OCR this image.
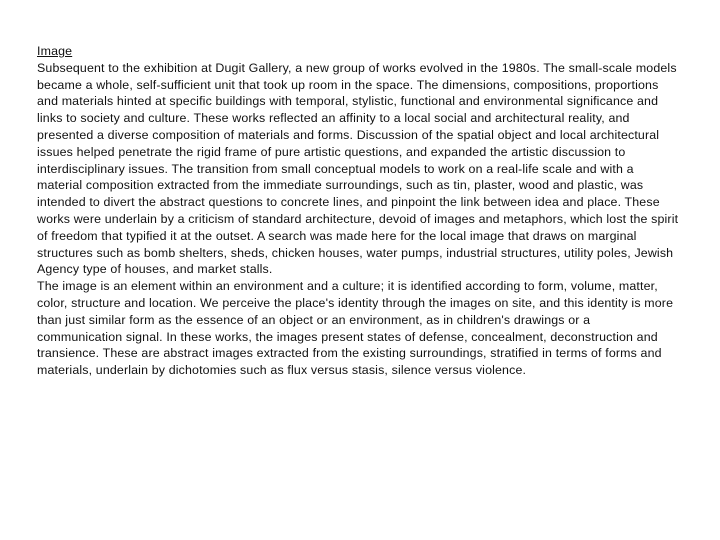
Image

Subsequent to the exhibition at Dugit Gallery, a new group of works evolved in the 1980s. The small-scale models became a whole, self-sufficient unit that took up room in the space. The dimensions, compositions, proportions and materials hinted at specific buildings with temporal, stylistic, functional and environmental significance and links to society and culture. These works reflected an affinity to a local social and architectural reality, and presented a diverse composition of materials and forms. Discussion of the spatial object and local architectural issues helped penetrate the rigid frame of pure artistic questions, and expanded the artistic discussion to interdisciplinary issues. The transition from small conceptual models to work on a real-life scale and with a material composition extracted from the immediate surroundings, such as tin, plaster, wood and plastic, was intended to divert the abstract questions to concrete lines, and pinpoint the link between idea and place. These works were underlain by a criticism of standard architecture, devoid of images and metaphors, which lost the spirit of freedom that typified it at the outset. A search was made here for the local image that draws on marginal structures such as bomb shelters, sheds, chicken houses, water pumps, industrial structures, utility poles, Jewish Agency type of houses, and market stalls.

The image is an element within an environment and a culture; it is identified according to form, volume, matter, color, structure and location. We perceive the place's identity through the images on site, and this identity is more than just similar form as the essence of an object or an environment, as in children's drawings or a communication signal. In these works, the images present states of defense, concealment, deconstruction and transience. These are abstract images extracted from the existing surroundings, stratified in terms of forms and materials, underlain by dichotomies such as flux versus stasis, silence versus violence.
